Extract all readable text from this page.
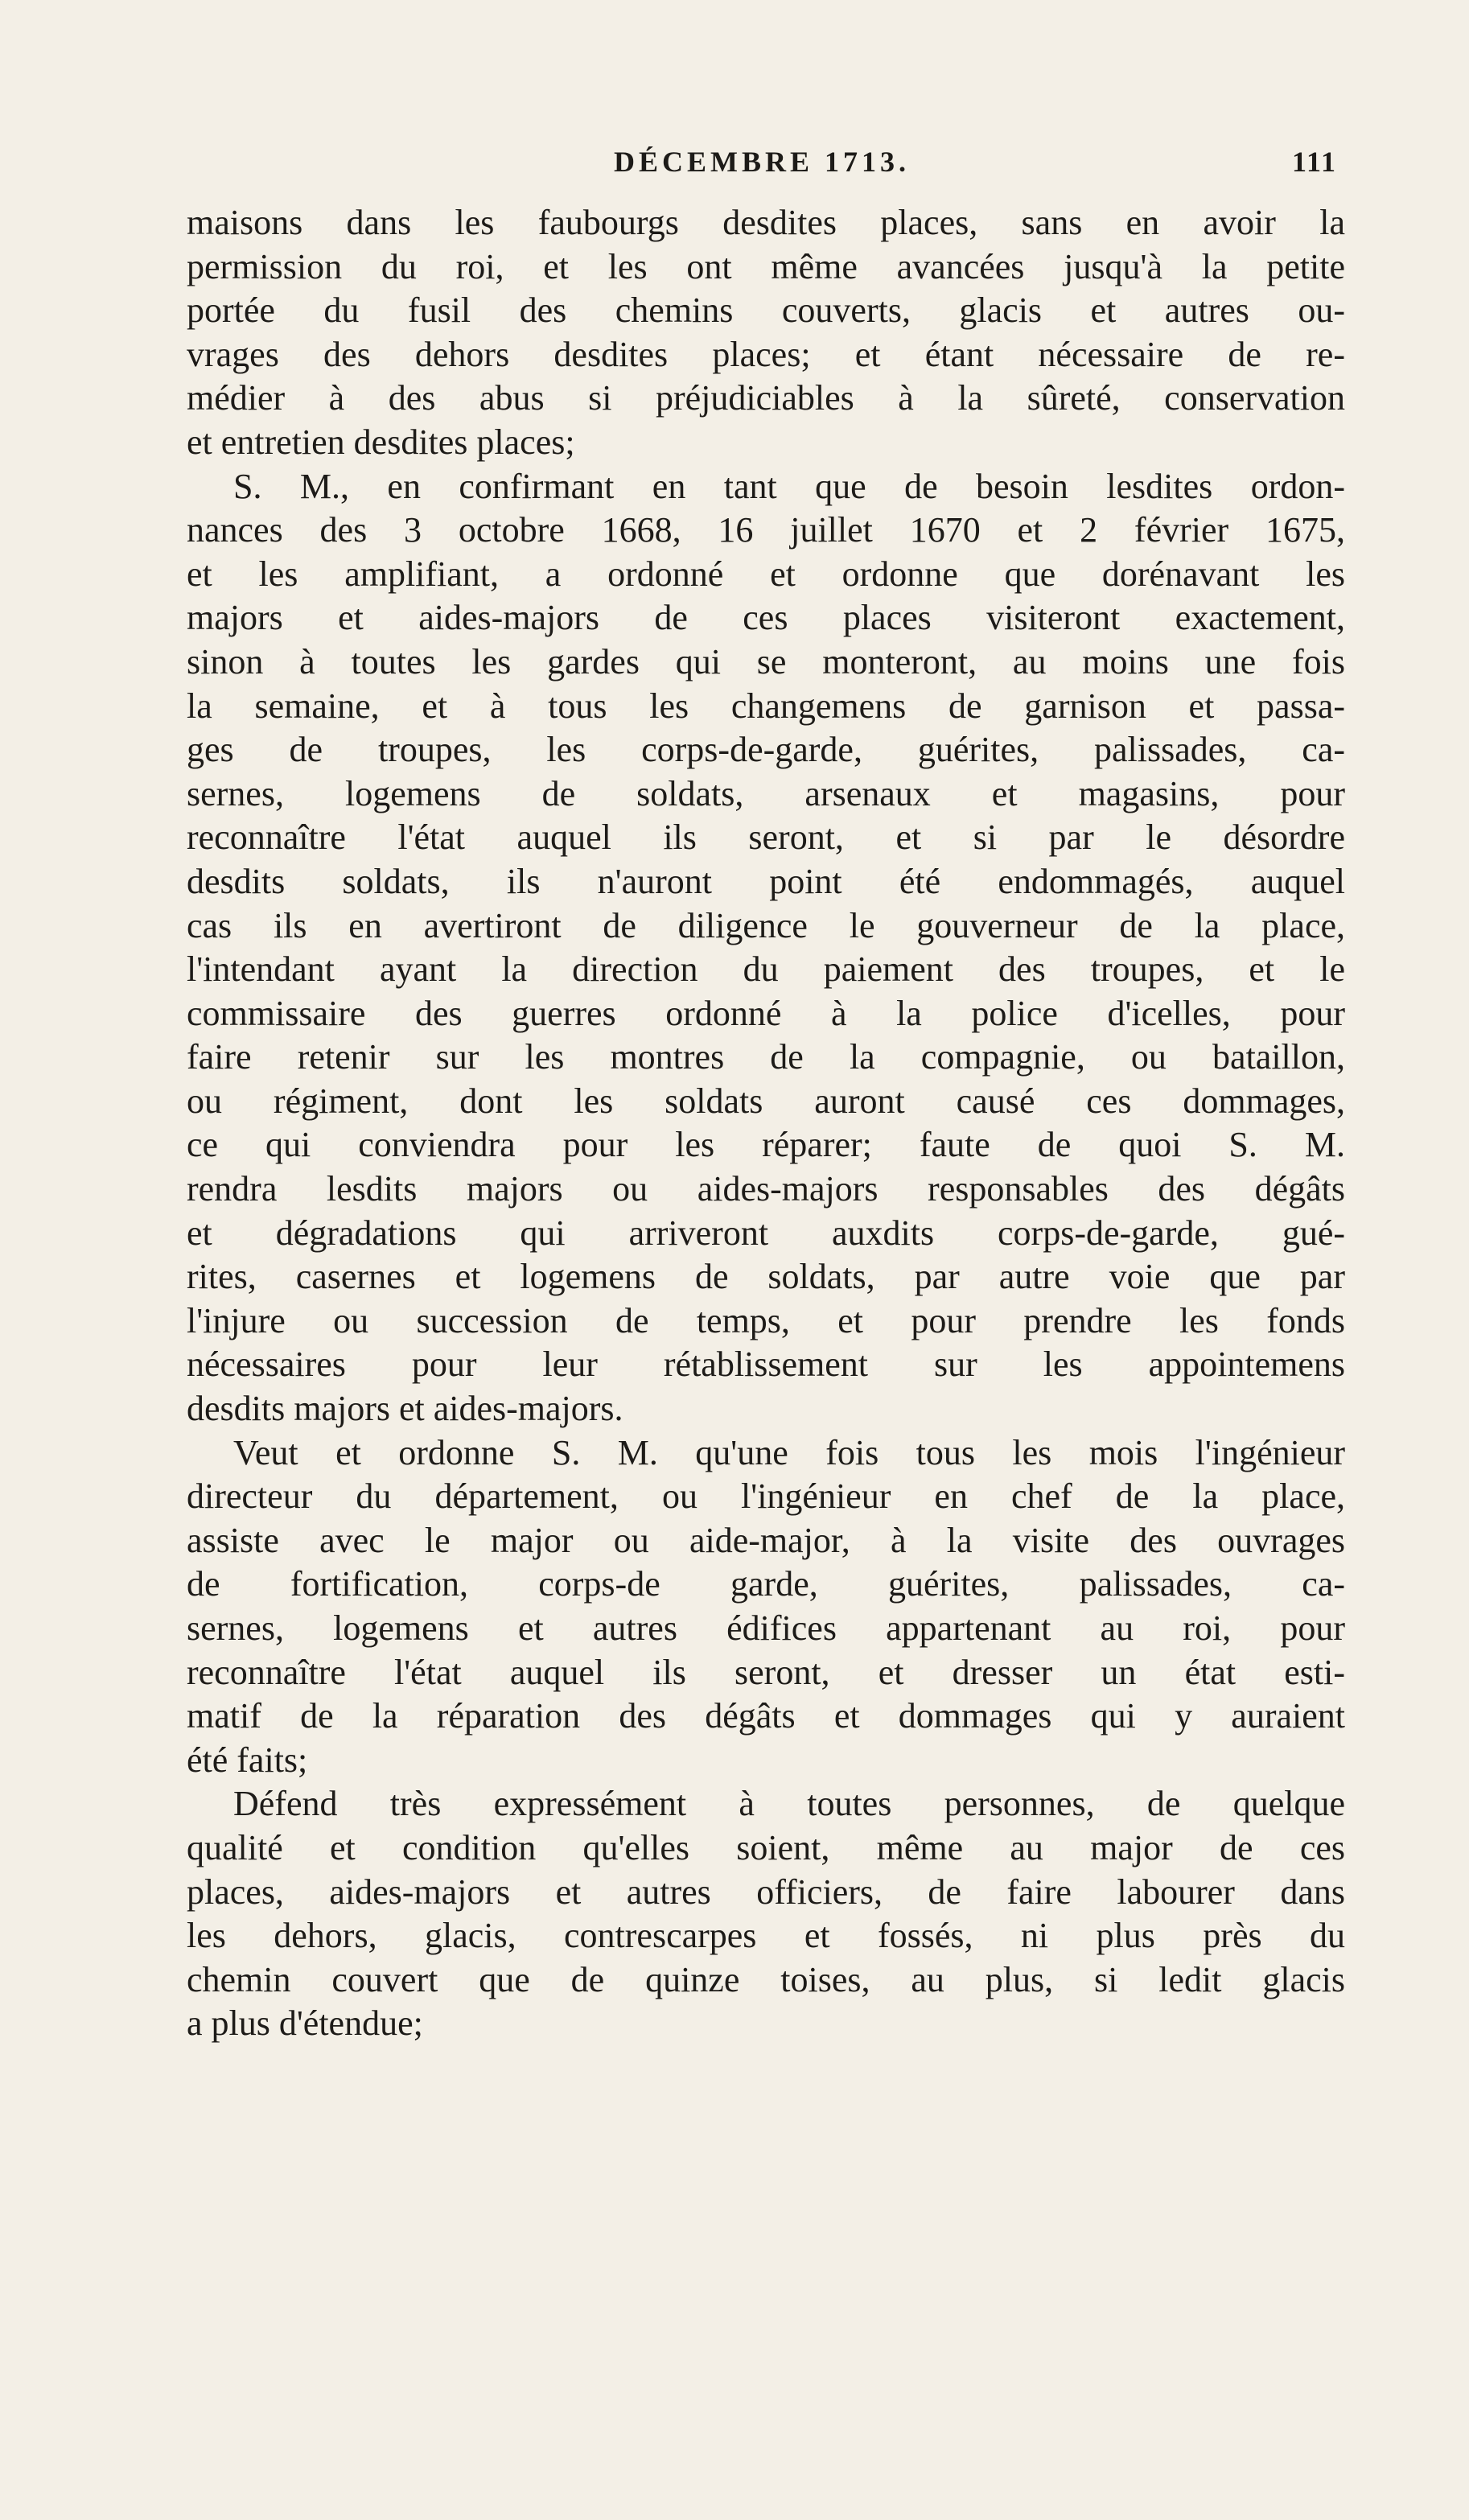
DÉCEMBRE 1713.	111
maisons dans les faubourgs desdites places, sans en avoir la
permission du roi, et les ont même avancées jusqu'à la petite
portée du fusil des chemins couverts, glacis et autres ou-
vrages des dehors desdites places; et étant nécessaire de re-
médier à des abus si préjudiciables à la sûreté, conservation
et entretien desdites places;
S. M., en confirmant en tant que de besoin lesdites ordon-
nances des 3 octobre 1668, 16 juillet 1670 et 2 février 1675,
et les amplifiant, a ordonné et ordonne que dorénavant les
majors et aides-majors de ces places visiteront exactement,
sinon à toutes les gardes qui se monteront, au moins une fois
la semaine, et à tous les changemens de garnison et passa-
ges de troupes, les corps-de-garde, guérites, palissades, ca-
sernes, logemens de soldats, arsenaux et magasins, pour
reconnaître l'état auquel ils seront, et si par le désordre
desdits soldats, ils n'auront point été endommagés, auquel
cas ils en avertiront de diligence le gouverneur de la place,
l'intendant ayant la direction du paiement des troupes, et le
commissaire des guerres ordonné à la police d'icelles, pour
faire retenir sur les montres de la compagnie, ou bataillon,
ou régiment, dont les soldats auront causé ces dommages,
ce qui conviendra pour les réparer; faute de quoi S. M.
rendra lesdits majors ou aides-majors responsables des dégâts
et dégradations qui arriveront auxdits corps-de-garde, gué-
rites, casernes et logemens de soldats, par autre voie que par
l'injure ou succession de temps, et pour prendre les fonds
nécessaires pour leur rétablissement sur les appointemens
desdits majors et aides-majors.
Veut et ordonne S. M. qu'une fois tous les mois l'ingénieur
directeur du département, ou l'ingénieur en chef de la place,
assiste avec le major ou aide-major, à la visite des ouvrages
de fortification, corps-de garde, guérites, palissades, ca-
sernes, logemens et autres édifices appartenant au roi, pour
reconnaître l'état auquel ils seront, et dresser un état esti-
matif de la réparation des dégâts et dommages qui y auraient
été faits;
Défend très expressément à toutes personnes, de quelque
qualité et condition qu'elles soient, même au major de ces
places, aides-majors et autres officiers, de faire labourer dans
les dehors, glacis, contrescarpes et fossés, ni plus près du
chemin couvert que de quinze toises, au plus, si ledit glacis
a plus d'étendue;
